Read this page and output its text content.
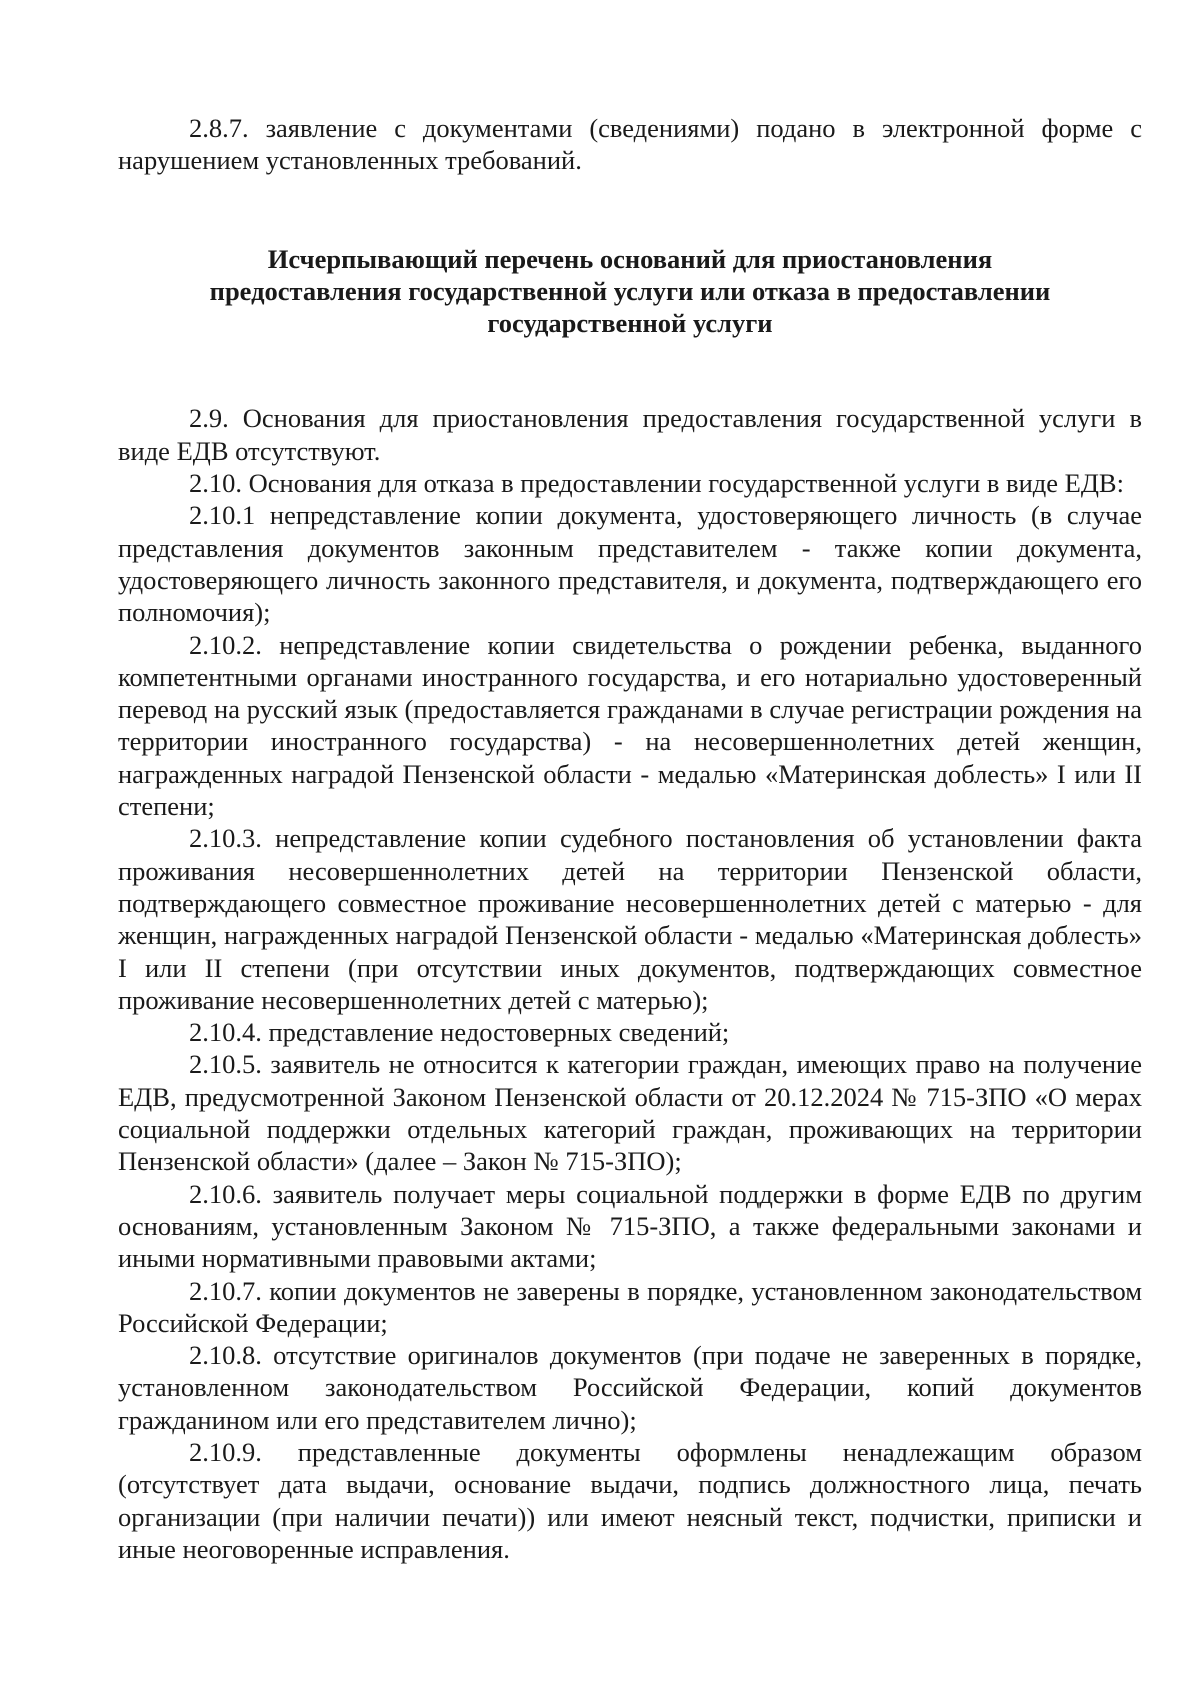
2.8.7. заявление с документами (сведениями) подано в электронной форме с нарушением установленных требований.

Исчерпывающий перечень оснований для приостановления
предоставления государственной услуги или отказа в предоставлении
государственной услуги

2.9. Основания для приостановления предоставления государственной услуги в виде ЕДВ отсутствуют.

2.10. Основания для отказа в предоставлении государственной услуги в виде ЕДВ:

2.10.1 непредставление копии документа, удостоверяющего личность (в случае представления документов законным представителем - также копии документа, удостоверяющего личность законного представителя, и документа, подтверждающего его полномочия);

2.10.2. непредставление копии свидетельства о рождении ребенка, выданного компетентными органами иностранного государства, и его нотариально удостоверенный перевод на русский язык (предоставляется гражданами в случае регистрации рождения на территории иностранного государства) - на несовершеннолетних детей женщин, награжденных наградой Пензенской области - медалью «Материнская доблесть» I или II степени;

2.10.3. непредставление копии судебного постановления об установлении факта проживания несовершеннолетних детей на территории Пензенской области, подтверждающего совместное проживание несовершеннолетних детей с матерью - для женщин, награжденных наградой Пензенской области - медалью «Материнская доблесть» I или II степени (при отсутствии иных документов, подтверждающих совместное проживание несовершеннолетних детей с матерью);

2.10.4. представление недостоверных сведений;

2.10.5. заявитель не относится к категории граждан, имеющих право на получение ЕДВ, предусмотренной Законом Пензенской области от 20.12.2024 № 715-ЗПО «О мерах социальной поддержки отдельных категорий граждан, проживающих на территории Пензенской области» (далее – Закон № 715-ЗПО);

2.10.6. заявитель получает меры социальной поддержки в форме ЕДВ по другим основаниям, установленным Законом № 715-ЗПО, а также федеральными законами и иными нормативными правовыми актами;

2.10.7. копии документов не заверены в порядке, установленном законодательством Российской Федерации;

2.10.8. отсутствие оригиналов документов (при подаче не заверенных в порядке, установленном законодательством Российской Федерации, копий документов гражданином или его представителем лично);

2.10.9. представленные документы оформлены ненадлежащим образом (отсутствует дата выдачи, основание выдачи, подпись должностного лица, печать организации (при наличии печати)) или имеют неясный текст, подчистки, приписки и иные неоговоренные исправления.
